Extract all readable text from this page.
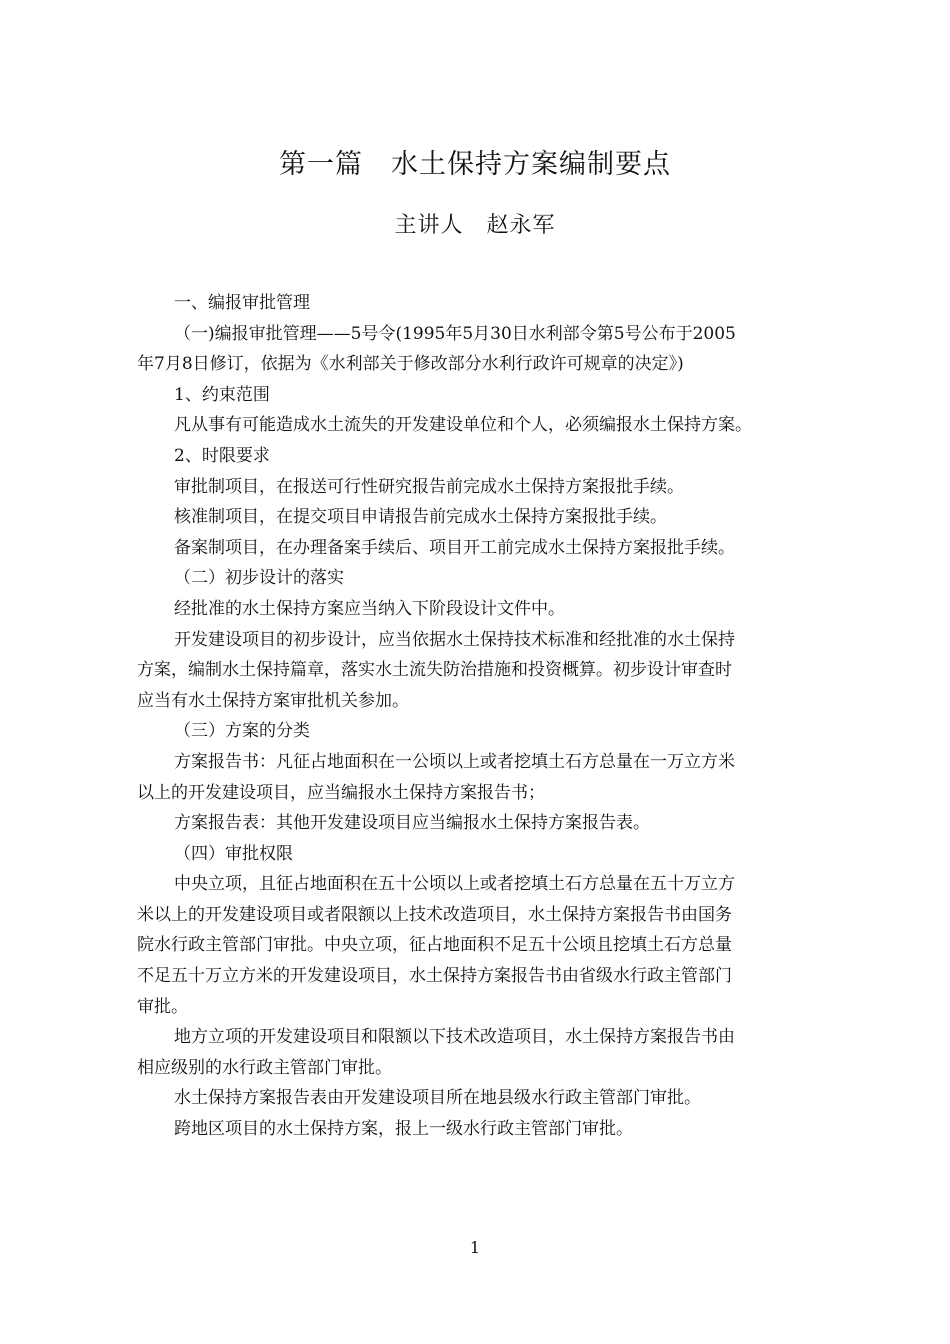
第一篇　水土保持方案编制要点
主讲人　赵永军
一、编报审批管理
（一)编报审批管理——5号令(1995年5月30日水利部令第5号公布于2005
年7月8日修订，依据为《水利部关于修改部分水利行政许可规章的决定》)
1、约束范围
凡从事有可能造成水土流失的开发建设单位和个人，必须编报水土保持方案。
2、时限要求
审批制项目，在报送可行性研究报告前完成水土保持方案报批手续。
核准制项目，在提交项目申请报告前完成水土保持方案报批手续。
备案制项目，在办理备案手续后、项目开工前完成水土保持方案报批手续。
（二）初步设计的落实
经批准的水土保持方案应当纳入下阶段设计文件中。
开发建设项目的初步设计，应当依据水土保持技术标准和经批准的水土保持
方案，编制水土保持篇章，落实水土流失防治措施和投资概算。初步设计审查时
应当有水土保持方案审批机关参加。
（三）方案的分类
方案报告书：凡征占地面积在一公顷以上或者挖填土石方总量在一万立方米
以上的开发建设项目，应当编报水土保持方案报告书；
方案报告表：其他开发建设项目应当编报水土保持方案报告表。
（四）审批权限
中央立项，且征占地面积在五十公顷以上或者挖填土石方总量在五十万立方
米以上的开发建设项目或者限额以上技术改造项目，水土保持方案报告书由国务
院水行政主管部门审批。中央立项，征占地面积不足五十公顷且挖填土石方总量
不足五十万立方米的开发建设项目，水土保持方案报告书由省级水行政主管部门
审批。
地方立项的开发建设项目和限额以下技术改造项目，水土保持方案报告书由
相应级别的水行政主管部门审批。
水土保持方案报告表由开发建设项目所在地县级水行政主管部门审批。
跨地区项目的水土保持方案，报上一级水行政主管部门审批。
1
